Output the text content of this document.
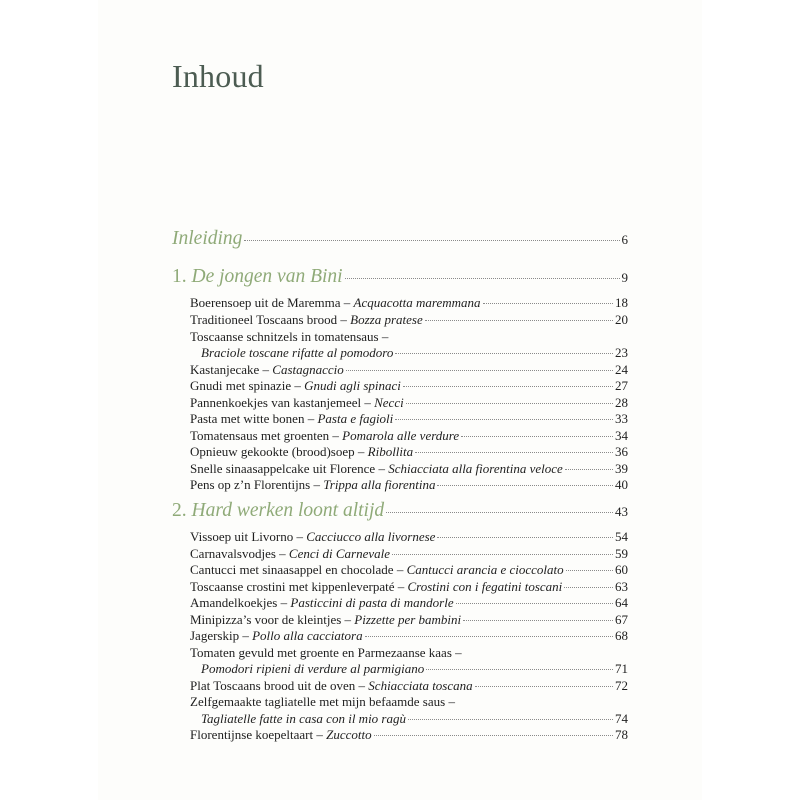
Inhoud
Inleiding	6
1. De jongen van Bini	9
Boerensoep uit de Maremma – Acquacotta maremmana	18
Traditioneel Toscaans brood – Bozza pratese	20
Toscaanse schnitzels in tomatensaus –
Braciole toscane rifatte al pomodoro	23
Kastanjecake – Castagnaccio	24
Gnudi met spinazie – Gnudi agli spinaci	27
Pannenkoekjes van kastanjemeel – Necci	28
Pasta met witte bonen – Pasta e fagioli	33
Tomatensaus met groenten – Pomarola alle verdure	34
Opnieuw gekookte (brood)soep – Ribollita	36
Snelle sinaasappelcake uit Florence – Schiacciata alla fiorentina veloce	39
Pens op z’n Florentijns – Trippa alla fiorentina	40
2. Hard werken loont altijd	43
Vissoep uit Livorno – Cacciucco alla livornese	54
Carnavalsvodjes – Cenci di Carnevale	59
Cantucci met sinaasappel en chocolade – Cantucci arancia e cioccolato	60
Toscaanse crostini met kippenleverpaté – Crostini con i fegatini toscani	63
Amandelkoekjes – Pasticcini di pasta di mandorle	64
Minipizza’s voor de kleintjes – Pizzette per bambini	67
Jagerskip – Pollo alla cacciatora	68
Tomaten gevuld met groente en Parmezaanse kaas –
Pomodori ripieni di verdure al parmigiano	71
Plat Toscaans brood uit de oven – Schiacciata toscana	72
Zelfgemaakte tagliatelle met mijn befaamde saus –
Tagliatelle fatte in casa con il mio ragù	74
Florentijnse koepeltaart – Zuccotto	78
